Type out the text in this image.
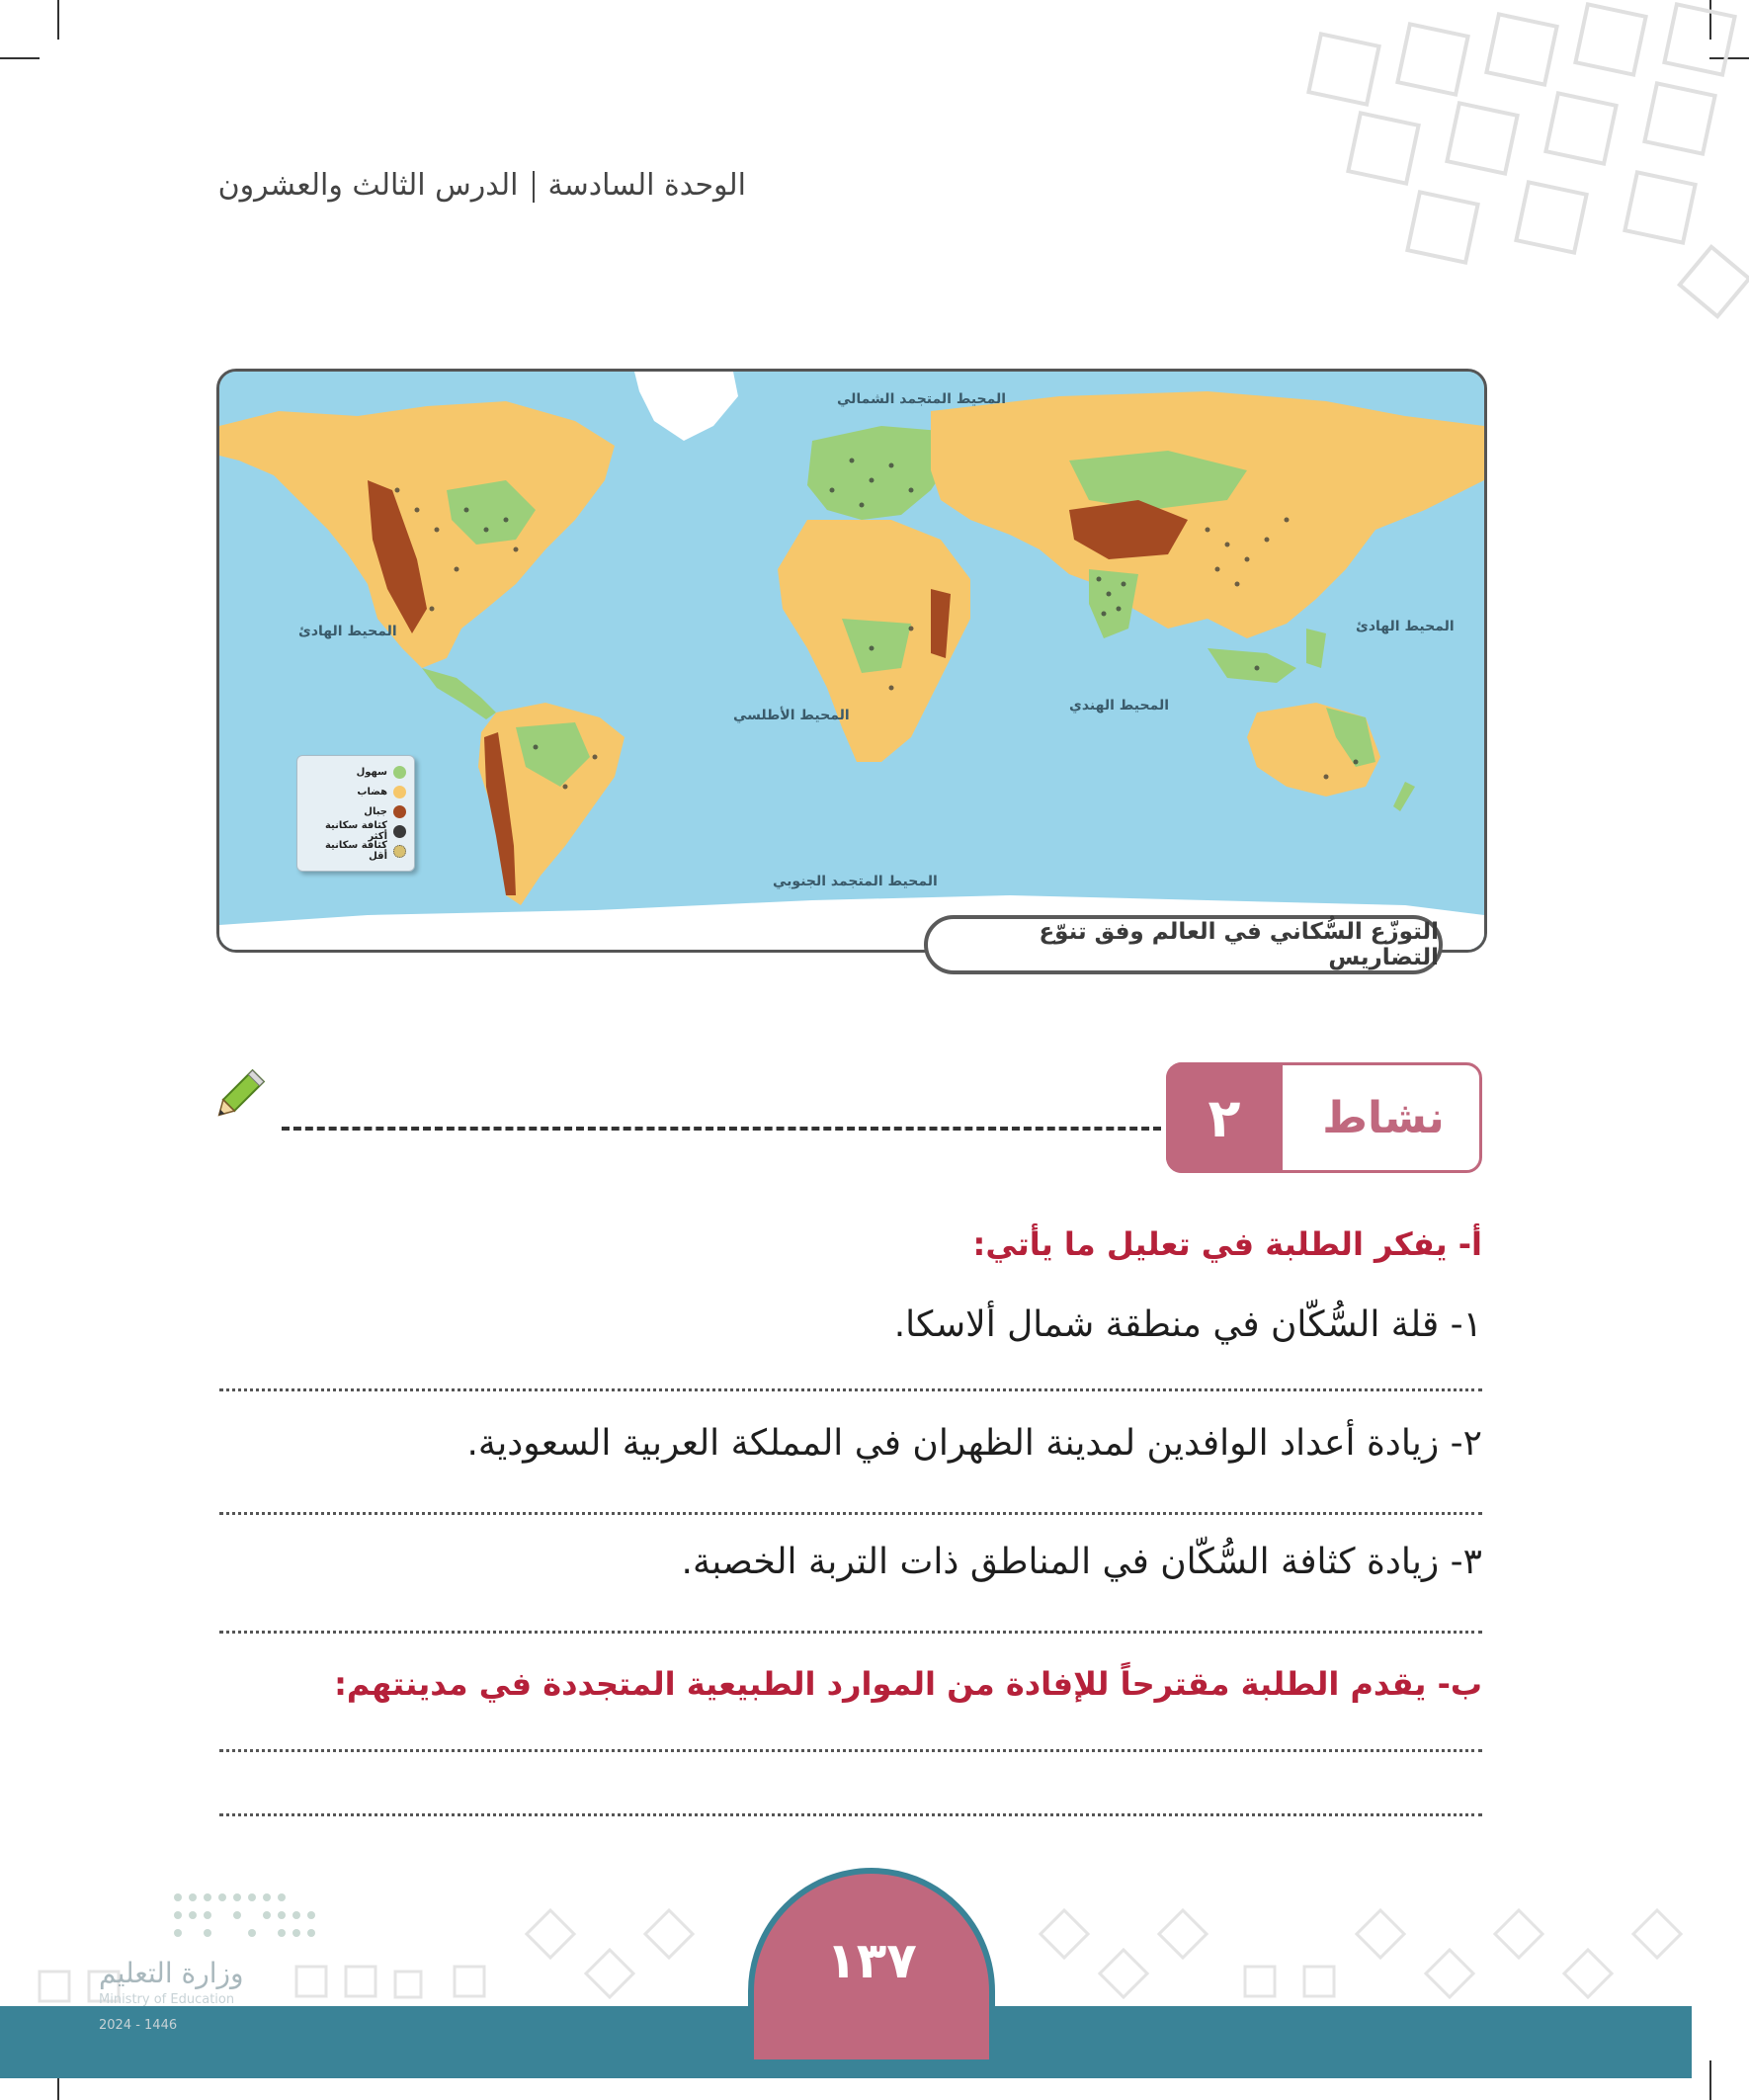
الوحدة السادسةالدرس الثالث والعشرون
المحيط المتجمد الشمالي
المحيط الهادئ	المحيط الهادئ
المحيط الأطلسي
المحيط الهندي
المحيط المتجمد الجنوبي
سهول
هضاب
جبال
كثافة سكانية أكثر
كثافة سكانية أقل
التوزّع السُّكاني في العالم وفق تنوّع التضاريس
٢	نشاط
أ- يفكر الطلبة في تعليل ما يأتي:
١- قلة السُّكّان في منطقة شمال ألاسكا.
٢- زيادة أعداد الوافدين لمدينة الظهران في المملكة العربية السعودية.
٣- زيادة كثافة السُّكّان في المناطق ذات التربة الخصبة.
ب- يقدم الطلبة مقترحاً للإفادة من الموارد الطبيعية المتجددة في مدينتهم:
١٣٧
وزارة التعليم
Ministry of Education
2024 - 1446
